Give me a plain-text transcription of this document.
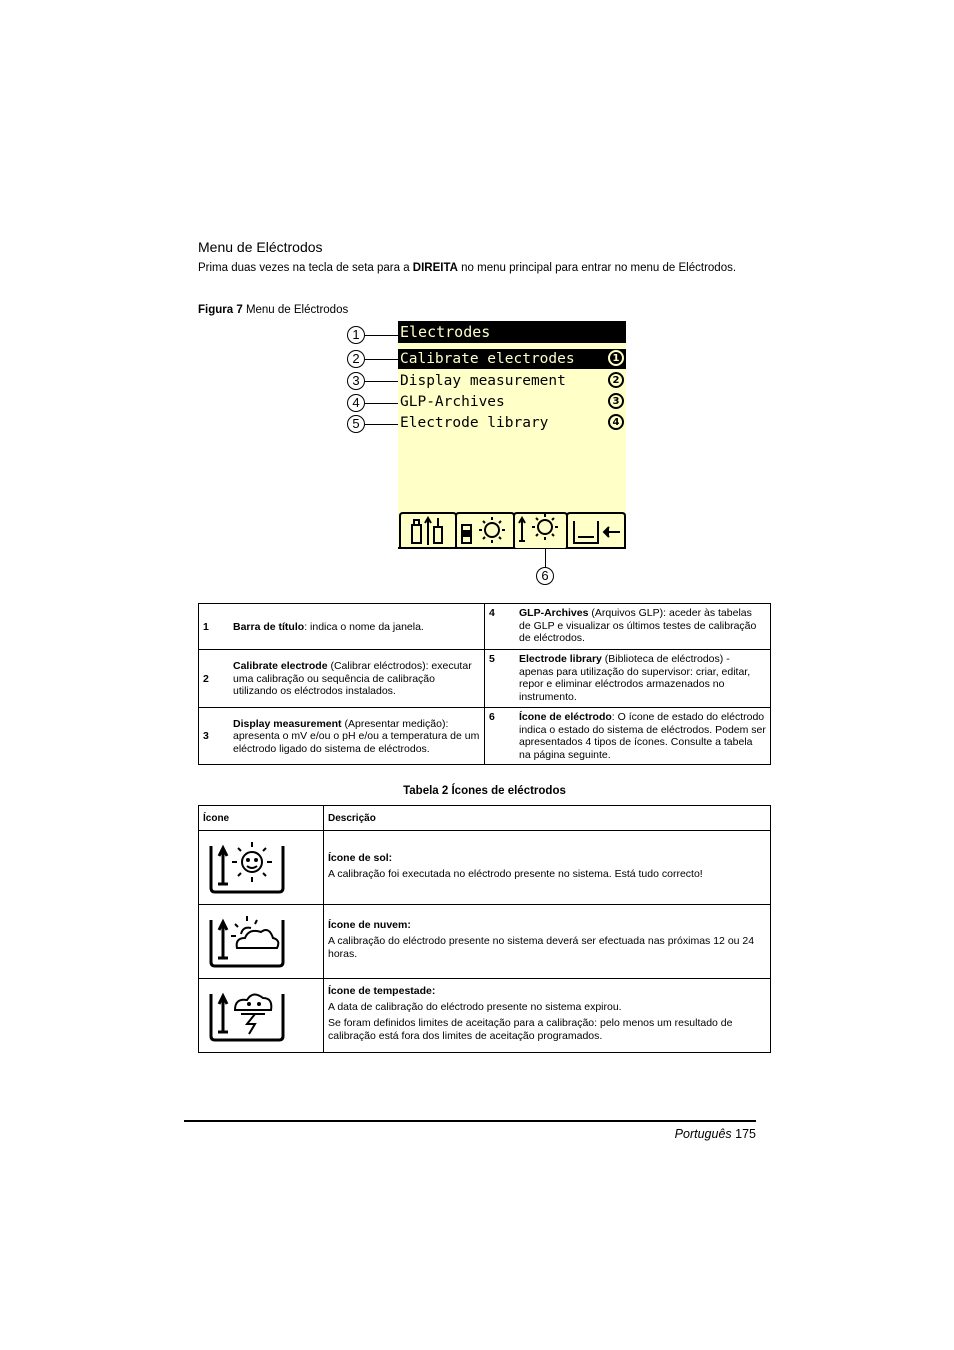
Menu de Eléctrodos

Prima duas vezes na tecla de seta para a DIREITA no menu principal para entrar no menu de Eléctrodos.

Figura 7 Menu de Eléctrodos

Electrodes
Calibrate electrodes	1
Display measurement	2
GLP-Archives	3
Electrode library	4
1
2
3
4
5
6
1 Barra de título: indica o nome da janela.	4 GLP-Archives (Arquivos GLP): aceder às tabelas de GLP e visualizar os últimos testes de calibração de eléctrodos.

2
Calibrate electrode (Calibrar eléctrodos): executar uma calibração ou sequência de calibração utilizando os eléctrodos instalados.	5 Electrode library (Biblioteca de eléctrodos) - apenas para utilização do supervisor: criar, editar, repor e eliminar eléctrodos armazenados no instrumento.

3
Display measurement (Apresentar medição): apresenta o mV e/ou o pH e/ou a temperatura de um eléctrodo ligado do sistema de eléctrodos.	6 Ícone de eléctrodo: O ícone de estado do eléctrodo indica o estado do sistema de eléctrodos. Podem ser apresentados 4 tipos de ícones. Consulte a tabela na página seguinte.

Tabela 2 Ícones de eléctrodos

Ícone	Descrição

Ícone de sol:

A calibração foi executada no eléctrodo presente no sistema. Está tudo correcto!

Ícone de nuvem:

A calibração do eléctrodo presente no sistema deverá ser efectuada nas próximas 12 ou 24 horas.

Ícone de tempestade:

A data de calibração do eléctrodo presente no sistema expirou.

Se foram definidos limites de aceitação para a calibração: pelo menos um resultado de calibração está fora dos limites de aceitação programados.

Português 175
